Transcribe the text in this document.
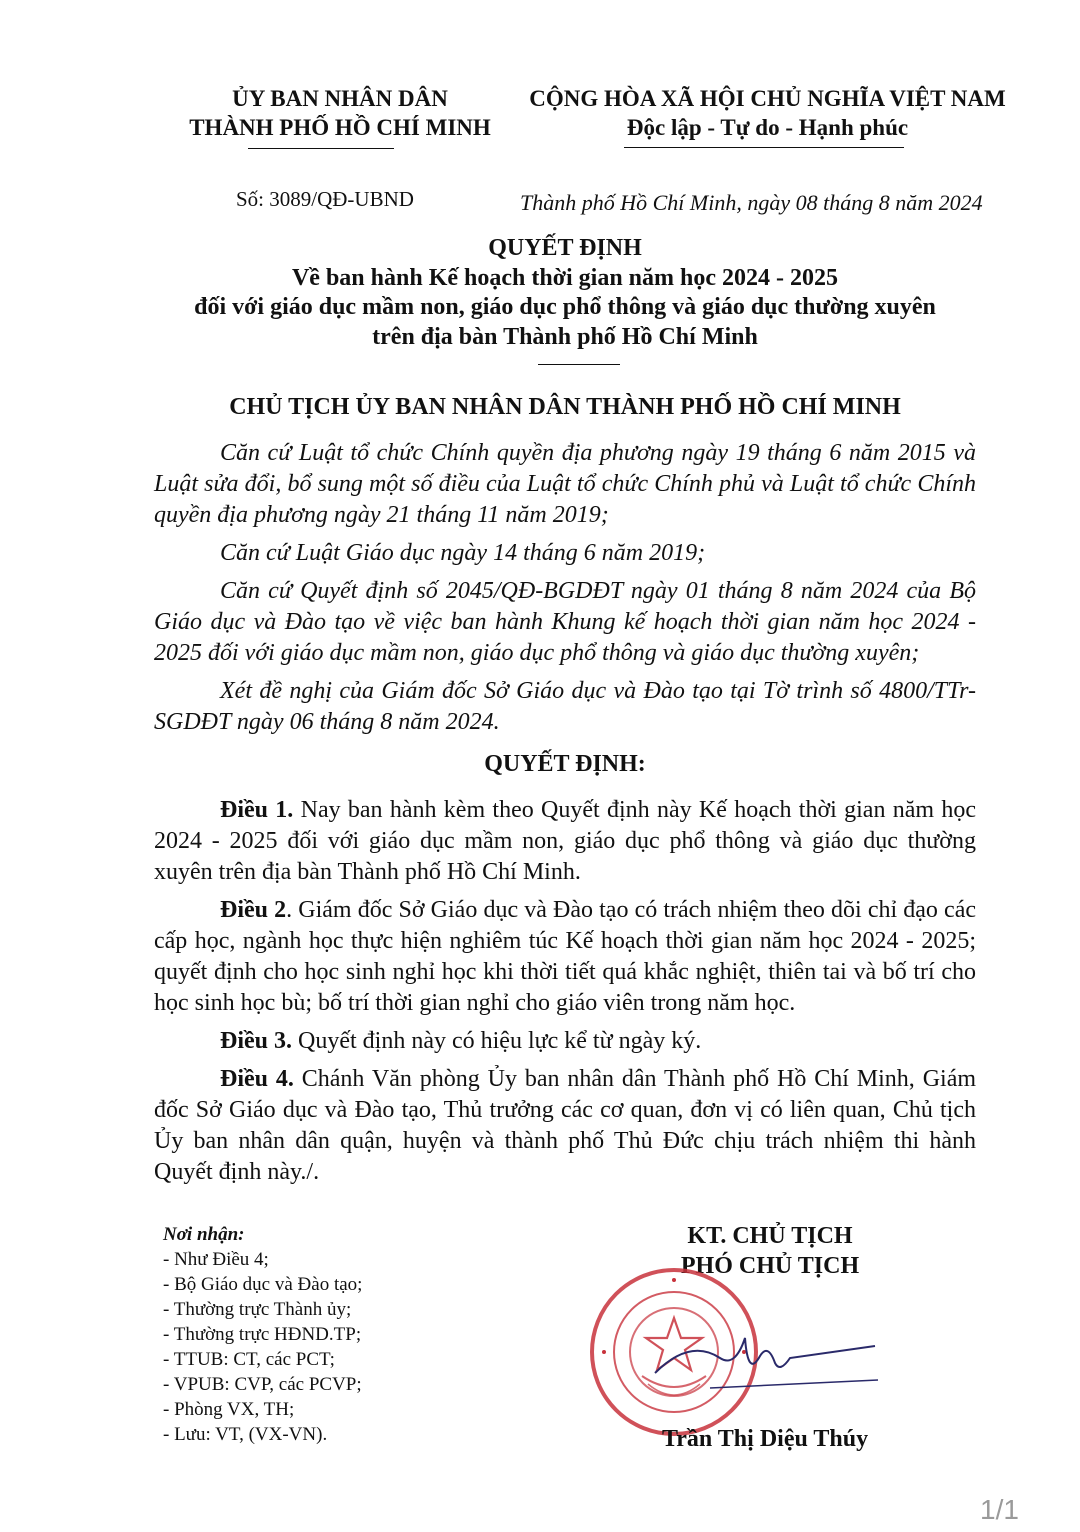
ỦY BAN NHÂN DÂN
THÀNH PHỐ HỒ CHÍ MINH
CỘNG HÒA XÃ HỘI CHỦ NGHĨA VIỆT NAM
Độc lập - Tự do - Hạnh phúc
Số: 3089/QĐ-UBND	Thành phố Hồ Chí Minh, ngày 08 tháng 8 năm 2024
QUYẾT ĐỊNH
Về ban hành Kế hoạch thời gian năm học 2024 - 2025
đối với giáo dục mầm non, giáo dục phổ thông và giáo dục thường xuyên
trên địa bàn Thành phố Hồ Chí Minh
CHỦ TỊCH ỦY BAN NHÂN DÂN THÀNH PHỐ HỒ CHÍ MINH

Căn cứ Luật tổ chức Chính quyền địa phương ngày 19 tháng 6 năm 2015 và Luật sửa đổi, bổ sung một số điều của Luật tổ chức Chính phủ và Luật tổ chức Chính quyền địa phương ngày 21 tháng 11 năm 2019;

Căn cứ Luật Giáo dục ngày 14 tháng 6 năm 2019;

Căn cứ Quyết định số 2045/QĐ-BGDĐT ngày 01 tháng 8 năm 2024 của Bộ Giáo dục và Đào tạo về việc ban hành Khung kế hoạch thời gian năm học 2024 - 2025 đối với giáo dục mầm non, giáo dục phổ thông và giáo dục thường xuyên;

Xét đề nghị của Giám đốc Sở Giáo dục và Đào tạo tại Tờ trình số 4800/TTr-SGDĐT ngày 06 tháng 8 năm 2024.

QUYẾT ĐỊNH:

Điều 1. Nay ban hành kèm theo Quyết định này Kế hoạch thời gian năm học 2024 - 2025 đối với giáo dục mầm non, giáo dục phổ thông và giáo dục thường xuyên trên địa bàn Thành phố Hồ Chí Minh.

Điều 2. Giám đốc Sở Giáo dục và Đào tạo có trách nhiệm theo dõi chỉ đạo các cấp học, ngành học thực hiện nghiêm túc Kế hoạch thời gian năm học 2024 - 2025; quyết định cho học sinh nghỉ học khi thời tiết quá khắc nghiệt, thiên tai và bố trí cho học sinh học bù; bố trí thời gian nghỉ cho giáo viên trong năm học.

Điều 3. Quyết định này có hiệu lực kể từ ngày ký.

Điều 4. Chánh Văn phòng Ủy ban nhân dân Thành phố Hồ Chí Minh, Giám đốc Sở Giáo dục và Đào tạo, Thủ trưởng các cơ quan, đơn vị có liên quan, Chủ tịch Ủy ban nhân dân quận, huyện và thành phố Thủ Đức chịu trách nhiệm thi hành Quyết định này./.

Nơi nhận:
- Như Điều 4;
- Bộ Giáo dục và Đào tạo;
- Thường trực Thành ủy;
- Thường trực HĐND.TP;
- TTUB: CT, các PCT;
- VPUB: CVP, các PCVP;
- Phòng VX, TH;
- Lưu: VT, (VX-VN).
KT. CHỦ TỊCH
PHÓ CHỦ TỊCH
Trần Thị Diệu Thúy
1/1
